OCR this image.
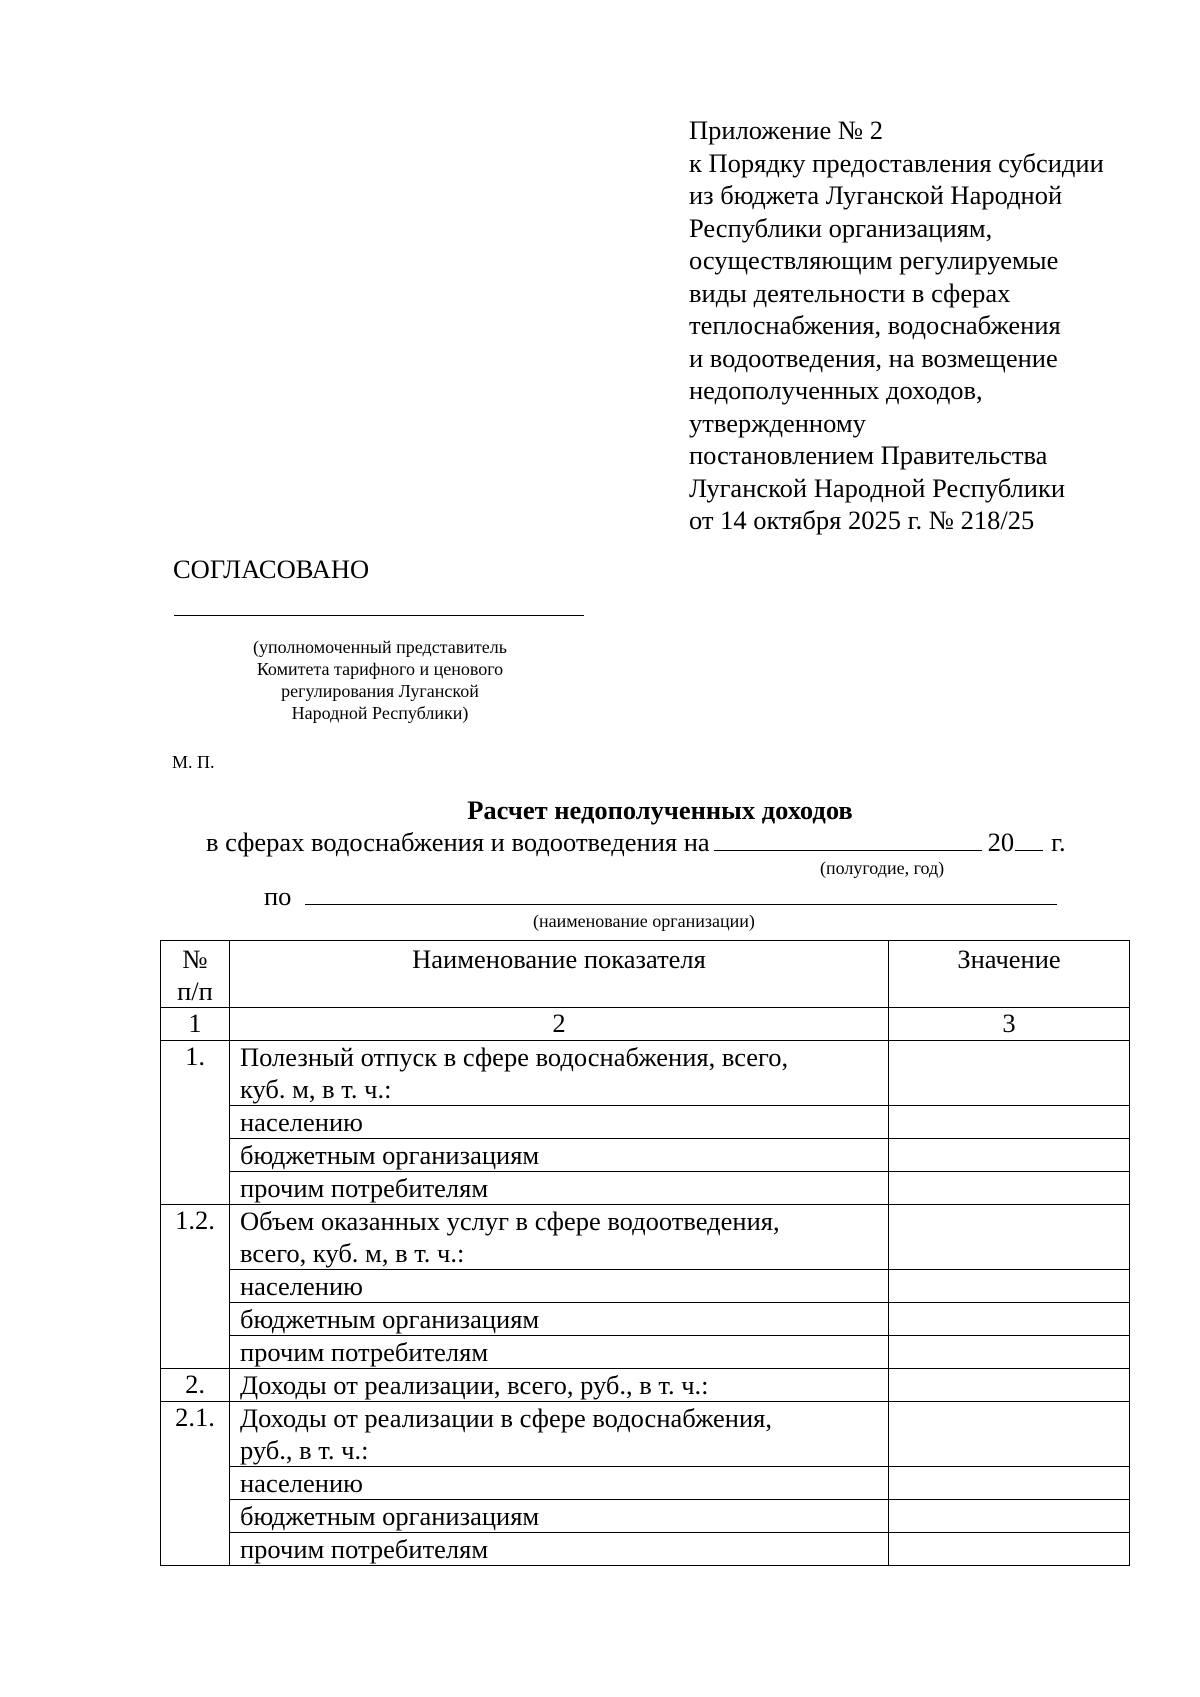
Приложение № 2
к Порядку предоставления субсидии
из бюджета Луганской Народной
Республики организациям,
осуществляющим регулируемые
виды деятельности в сферах
теплоснабжения, водоснабжения
и водоотведения, на возмещение
недополученных доходов,
утвержденному
постановлением Правительства
Луганской Народной Республики
от 14 октября 2025 г. № 218/25
СОГЛАСОВАНО
(уполномоченный представитель
Комитета тарифного и ценового
регулирования Луганской
Народной Республики)
М. П.
Расчет недополученных доходов
в сферах водоснабжения и водоотведения на	20 г.
(полугодие, год)
по
(наименование организации)
№
п/п	Наименование показателя	Значение
1	2	3
1.	Полезный отпуск в сфере водоснабжения, всего,
куб. м, в т. ч.:	
	населению	
	бюджетным организациям	
	прочим потребителям	
1.2.	Объем оказанных услуг в сфере водоотведения,
всего, куб. м, в т. ч.:	
	населению	
	бюджетным организациям	
	прочим потребителям	
2.	Доходы от реализации, всего, руб., в т. ч.:	
2.1.	Доходы от реализации в сфере водоснабжения,
руб., в т. ч.:	
	населению	
	бюджетным организациям	
	прочим потребителям	
